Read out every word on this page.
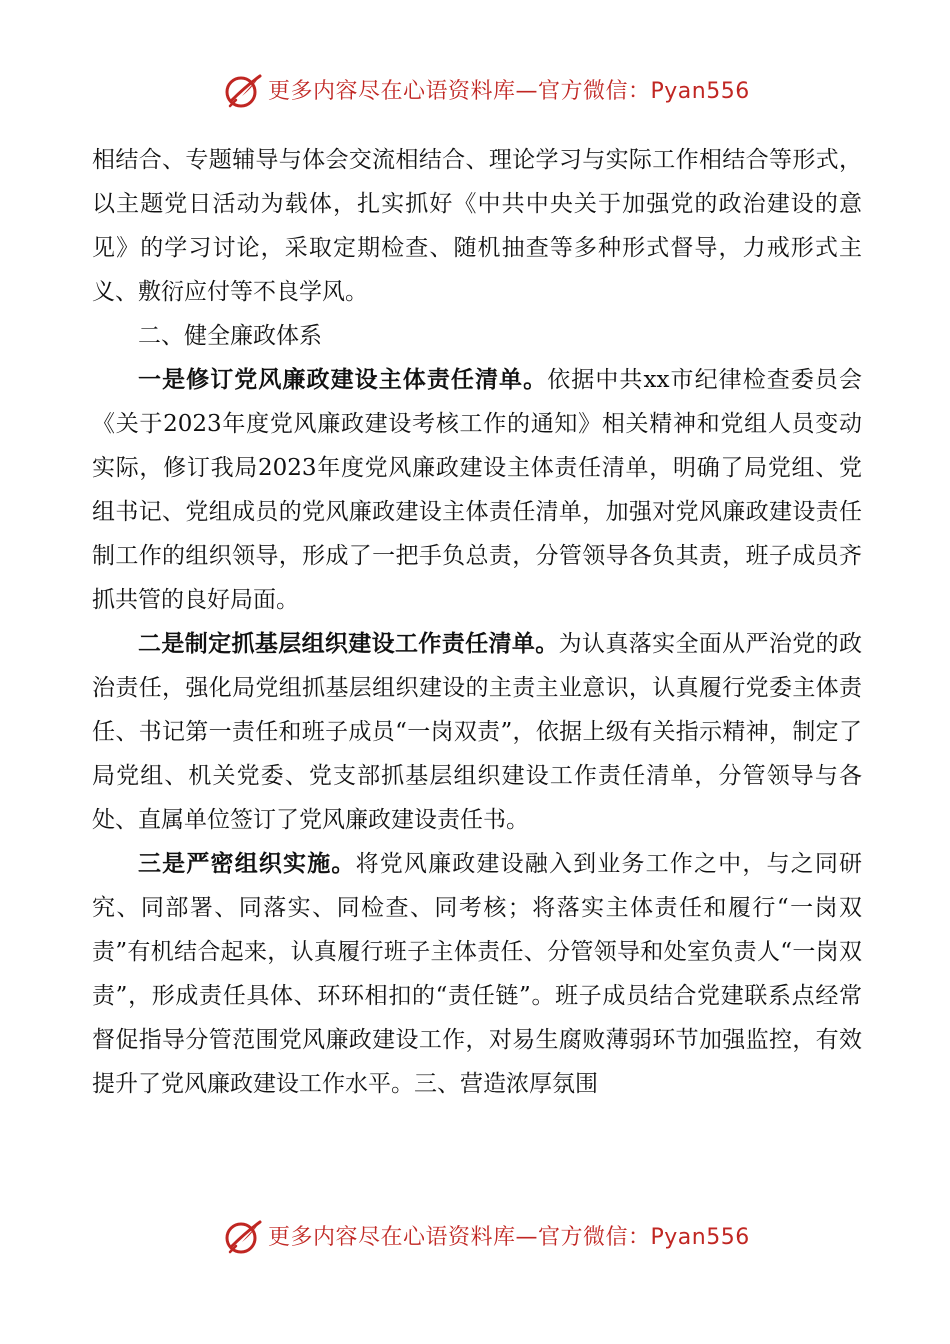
更多内容尽在心语资料库—官方微信：Pyan556

相结合、专题辅导与体会交流相结合、理论学习与实际工作相结合等形式，以主题党日活动为载体，扎实抓好《中共中央关于加强党的政治建设的意见》的学习讨论，采取定期检查、随机抽查等多种形式督导，力戒形式主义、敷衍应付等不良学风。

二、健全廉政体系

一是修订党风廉政建设主体责任清单。依据中共xx市纪律检查委员会《关于2023年度党风廉政建设考核工作的通知》相关精神和党组人员变动实际，修订我局2023年度党风廉政建设主体责任清单，明确了局党组、党组书记、党组成员的党风廉政建设主体责任清单，加强对党风廉政建设责任制工作的组织领导，形成了一把手负总责，分管领导各负其责，班子成员齐抓共管的良好局面。

二是制定抓基层组织建设工作责任清单。为认真落实全面从严治党的政治责任，强化局党组抓基层组织建设的主责主业意识，认真履行党委主体责任、书记第一责任和班子成员“一岗双责”，依据上级有关指示精神，制定了局党组、机关党委、党支部抓基层组织建设工作责任清单，分管领导与各处、直属单位签订了党风廉政建设责任书。

三是严密组织实施。将党风廉政建设融入到业务工作之中，与之同研究、同部署、同落实、同检查、同考核；将落实主体责任和履行“一岗双责”有机结合起来，认真履行班子主体责任、分管领导和处室负责人“一岗双责”，形成责任具体、环环相扣的“责任链”。班子成员结合党建联系点经常督促指导分管范围党风廉政建设工作，对易生腐败薄弱环节加强监控，有效提升了党风廉政建设工作水平。三、营造浓厚氛围

更多内容尽在心语资料库—官方微信：Pyan556
